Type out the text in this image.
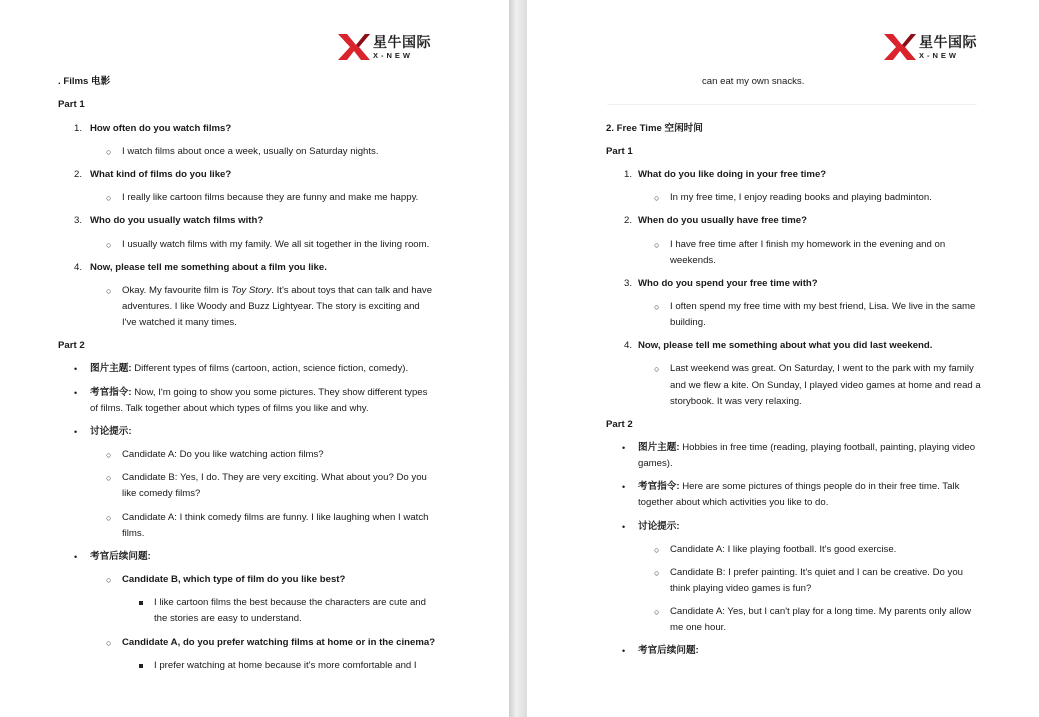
星牛国际
X-NEW
. Films 电影
Part 1
1. How often do you watch films?
○ I watch films about once a week, usually on Saturday nights.
2. What kind of films do you like?
○ I really like cartoon films because they are funny and make me happy.
3. Who do you usually watch films with?
○ I usually watch films with my family. We all sit together in the living room.
4. Now, please tell me something about a film you like.
○ Okay. My favourite film is Toy Story. It's about toys that can talk and have
adventures. I like Woody and Buzz Lightyear. The story is exciting and
I've watched it many times.
Part 2
• 图片主题: Different types of films (cartoon, action, science fiction, comedy).
• 考官指令: Now, I'm going to show you some pictures. They show different types
of films. Talk together about which types of films you like and why.
• 讨论提示:
○ Candidate A: Do you like watching action films?
○ Candidate B: Yes, I do. They are very exciting. What about you? Do you
like comedy films?
○ Candidate A: I think comedy films are funny. I like laughing when I watch
films.
• 考官后续问题:
○ Candidate B, which type of film do you like best?
I like cartoon films the best because the characters are cute and
the stories are easy to understand.
○ Candidate A, do you prefer watching films at home or in the cinema?
I prefer watching at home because it's more comfortable and I
星牛国际
X-NEW
can eat my own snacks.
2. Free Time 空闲时间
Part 1
1. What do you like doing in your free time?
○ In my free time, I enjoy reading books and playing badminton.
2. When do you usually have free time?
○ I have free time after I finish my homework in the evening and on
weekends.
3. Who do you spend your free time with?
○ I often spend my free time with my best friend, Lisa. We live in the same
building.
4. Now, please tell me something about what you did last weekend.
○ Last weekend was great. On Saturday, I went to the park with my family
and we flew a kite. On Sunday, I played video games at home and read a
storybook. It was very relaxing.
Part 2
• 图片主题: Hobbies in free time (reading, playing football, painting, playing video
games).
• 考官指令: Here are some pictures of things people do in their free time. Talk
together about which activities you like to do.
• 讨论提示:
○ Candidate A: I like playing football. It's good exercise.
○ Candidate B: I prefer painting. It's quiet and I can be creative. Do you
think playing video games is fun?
○ Candidate A: Yes, but I can't play for a long time. My parents only allow
me one hour.
• 考官后续问题:
